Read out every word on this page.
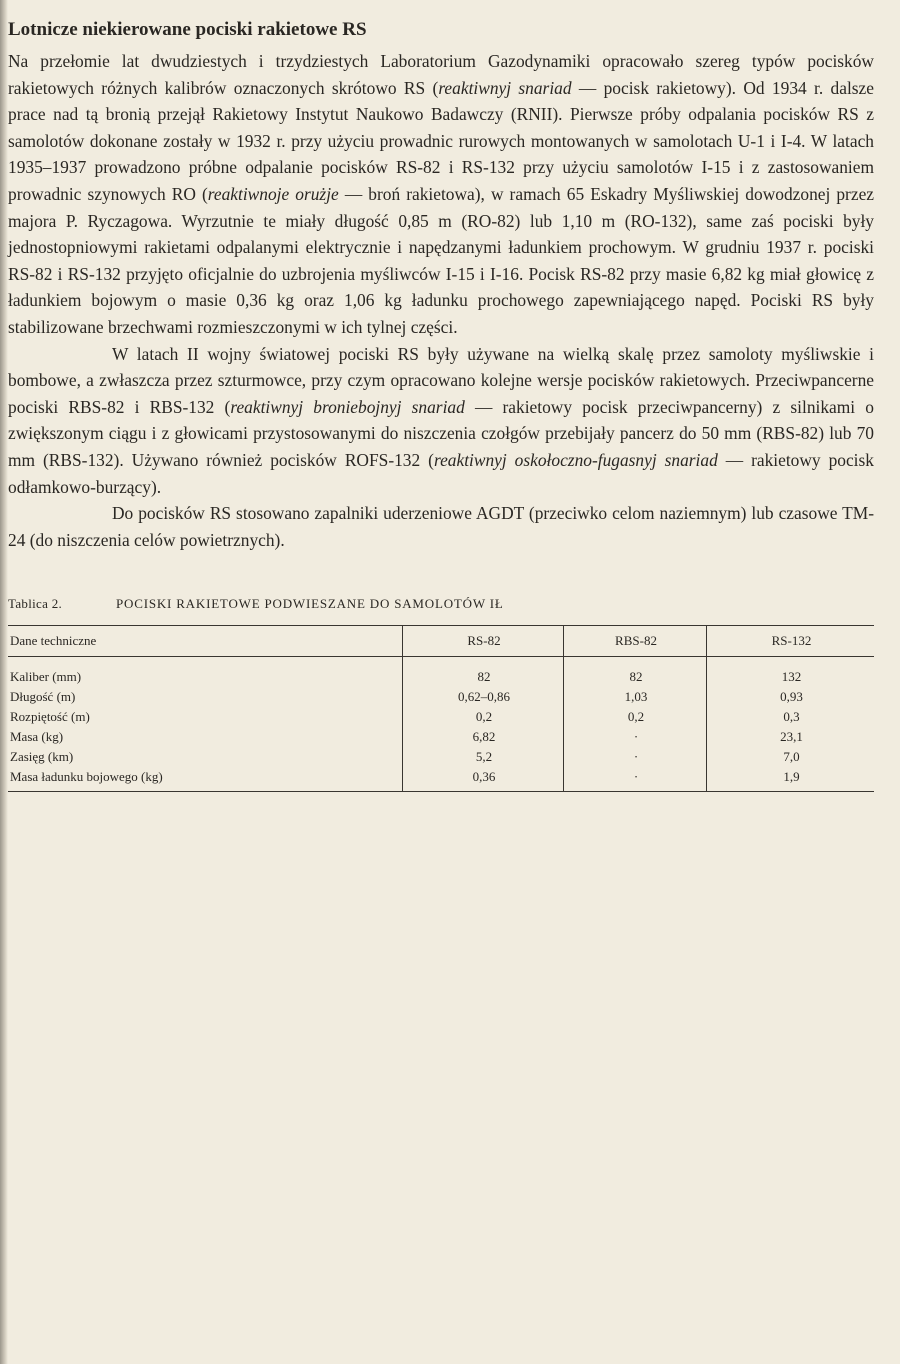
Lotnicze niekierowane pociski rakietowe RS

Na przełomie lat dwudziestych i trzydziestych Laboratorium Gazodynamiki opracowało szereg typów pocisków rakietowych różnych kalibrów oznaczonych skrótowo RS (reaktiwnyj snariad — pocisk rakietowy). Od 1934 r. dalsze prace nad tą bronią przejął Rakietowy Instytut Naukowo Badawczy (RNII). Pierwsze próby odpalania pocisków RS z samolotów dokonane zostały w 1932 r. przy użyciu prowadnic rurowych montowanych w samolotach U-1 i I-4. W latach 1935–1937 prowadzono próbne odpalanie pocisków RS-82 i RS-132 przy użyciu samolotów I-15 i z zastosowaniem prowadnic szynowych RO (reaktiwnoje orużje — broń rakietowa), w ramach 65 Eskadry Myśliwskiej dowodzonej przez majora P. Ryczagowa. Wyrzutnie te miały długość 0,85 m (RO-82) lub 1,10 m (RO-132), same zaś pociski były jednostopniowymi rakietami odpalanymi elektrycznie i napędzanymi ładunkiem prochowym. W grudniu 1937 r. pociski RS-82 i RS-132 przyjęto oficjalnie do uzbrojenia myśliwców I-15 i I-16. Pocisk RS-82 przy masie 6,82 kg miał głowicę z ładunkiem bojowym o masie 0,36 kg oraz 1,06 kg ładunku prochowego zapewniającego napęd. Pociski RS były stabilizowane brzechwami rozmieszczonymi w ich tylnej części.

W latach II wojny światowej pociski RS były używane na wielką skalę przez samoloty myśliwskie i bombowe, a zwłaszcza przez szturmowce, przy czym opracowano kolejne wersje pocisków rakietowych. Przeciwpancerne pociski RBS-82 i RBS-132 (reaktiwnyj broniebojnyj snariad — rakietowy pocisk przeciwpancerny) z silnikami o zwiększonym ciągu i z głowicami przystosowanymi do niszczenia czołgów przebijały pancerz do 50 mm (RBS-82) lub 70 mm (RBS-132). Używano również pocisków ROFS-132 (reaktiwnyj oskołoczno-fugasnyj snariad — rakietowy pocisk odłamkowo-burzący).

Do pocisków RS stosowano zapalniki uderzeniowe AGDT (przeciwko celom naziemnym) lub czasowe TM-24 (do niszczenia celów powietrznych).

Tablica 2.	POCISKI RAKIETOWE PODWIESZANE DO SAMOLOTÓW IŁ
Dane techniczne	RS-82	RBS-82	RS-132
Kaliber (mm)	82	82	132
Długość (m)	0,62–0,86	1,03	0,93
Rozpiętość (m)	0,2	0,2	0,3
Masa (kg)	6,82	·	23,1
Zasięg (km)	5,2	·	7,0
Masa ładunku bojowego (kg)	0,36	·	1,9
